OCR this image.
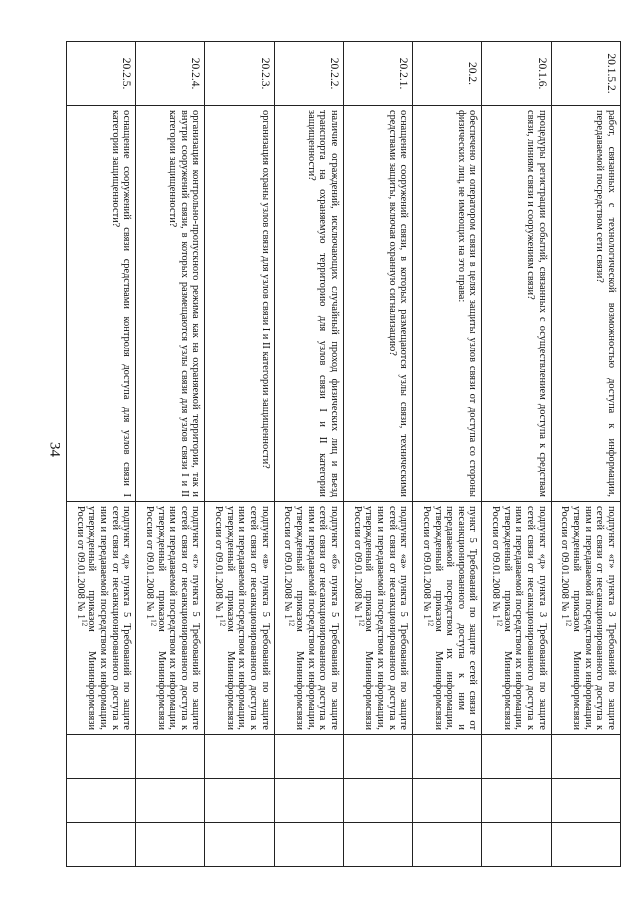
34
20.1.5.2.	работ, связанных с технологической возможностью доступа к информации, передаваемой посредством сети связи?	подпункт «г» пункта 3 Требований по защите сетей связи от несанкционированного доступа к ним и передаваемой посредством их информации, утвержденный приказом Мининформсвязи России от 09.01.2008 № $1^{12}$			
20.1.6.	процедуры регистрации событий, связанных с осуществлением доступа к средствам связи, линиям связи и сооружениям связи?	подпункт «д» пункта 3 Требований по защите сетей связи от несанкционированного доступа к ним и передаваемой посредством их информации, утвержденный приказом Мининформсвязи России от 09.01.2008 № $1^{12}$			
20.2.	обеспечено ли оператором связи в целях защиты узлов связи от доступа со стороны физических лиц, не имеющих на это права:	пункт 5 Требований по защите сетей связи от несанкционированного доступа к ним и передаваемой посредством их информации, утвержденный приказом Мининформсвязи России от 09.01.2008 № $1^{12}$			
20.2.1.	оснащение сооружений связи, в которых размещаются узлы связи, техническими средствами защиты, включая охранную сигнализацию?	подпункт «а» пункта 5 Требований по защите сетей связи от несанкционированного доступа к ним и передаваемой посредством их информации, утвержденный приказом Мининформсвязи России от 09.01.2008 № $1^{12}$			
20.2.2.	наличие ограждений, исключающих случайный проход физических лиц и въезд транспорта на охраняемую территорию для узлов связи I и II категории защищенности?	подпункт «б» пункта 5 Требований по защите сетей связи от несанкционированного доступа к ним и передаваемой посредством их информации, утвержденный приказом Мининформсвязи России от 09.01.2008 № $1^{12}$			
20.2.3.	организация охраны узлов связи для узлов связи I и II категории защищенности?	подпункт «в» пункта 5 Требований по защите сетей связи от несанкционированного доступа к ним и передаваемой посредством их информации, утвержденный приказом Мининформсвязи России от 09.01.2008 № $1^{12}$			
20.2.4.	организация контрольно-пропускного режима как на охраняемой территории, так и внутри сооружений связи, в которых размещаются узлы связи для узлов связи I и II категории защищенности?	подпункт «г» пункта 5 Требований по защите сетей связи от несанкционированного доступа к ним и передаваемой посредством их информации, утвержденный приказом Мининформсвязи России от 09.01.2008 № $1^{12}$			
20.2.5.	оснащение сооружений связи средствами контроля доступа для узлов связи I категории защищенности?	подпункт «д» пункта 5 Требований по защите сетей связи от несанкционированного доступа к ним и передаваемой посредством их информации, утвержденный приказом Мининформсвязи России от 09.01.2008 № $1^{12}$			
